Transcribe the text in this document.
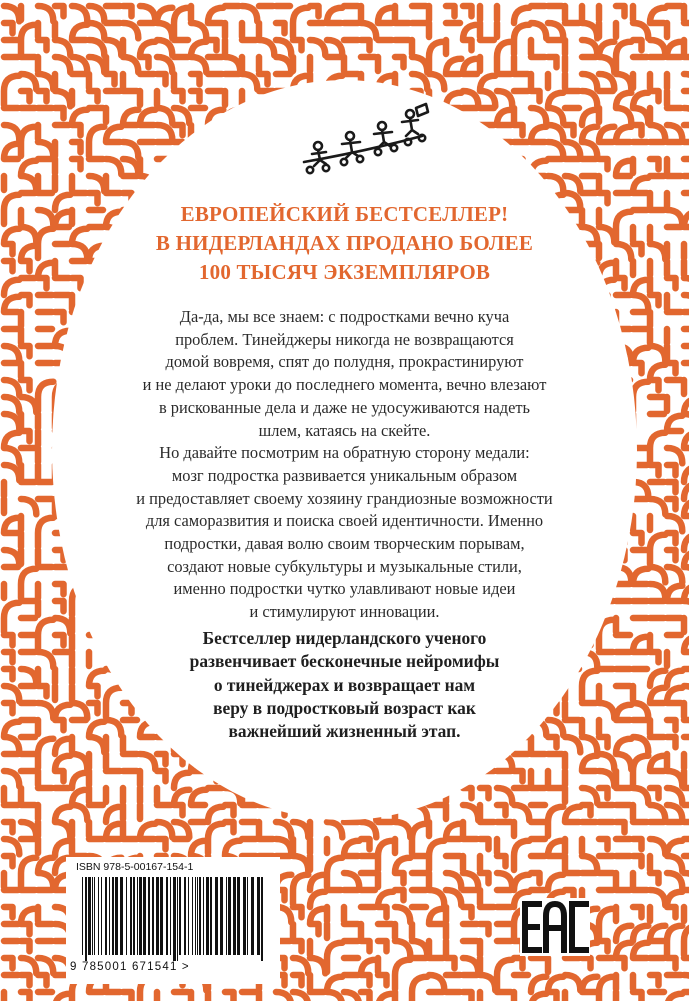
ЕВРОПЕЙСКИЙ БЕСТСЕЛЛЕР!
В НИДЕРЛАНДАХ ПРОДАНО БОЛЕЕ
100 ТЫСЯЧ ЭКЗЕМПЛЯРОВ

Да-да, мы все знаем: с подростками вечно куча
проблем. Тинейджеры никогда не возвращаются
домой вовремя, спят до полудня, прокрастинируют
и не делают уроки до последнего момента, вечно влезают
в рискованные дела и даже не удосуживаются надеть
шлем, катаясь на скейте.
Но давайте посмотрим на обратную сторону медали:
мозг подростка развивается уникальным образом
и предоставляет своему хозяину грандиозные возможности
для саморазвития и поиска своей идентичности. Именно
подростки, давая волю своим творческим порывам,
создают новые субкультуры и музыкальные стили,
именно подростки чутко улавливают новые идеи
и стимулируют инновации.

Бестселлер нидерландского ученого
развенчивает бесконечные нейромифы
о тинейджерах и возвращает нам
веру в подростковый возраст как
важнейший жизненный этап.

ISBN 978-5-00167-154-1

9 785001 671541 >
